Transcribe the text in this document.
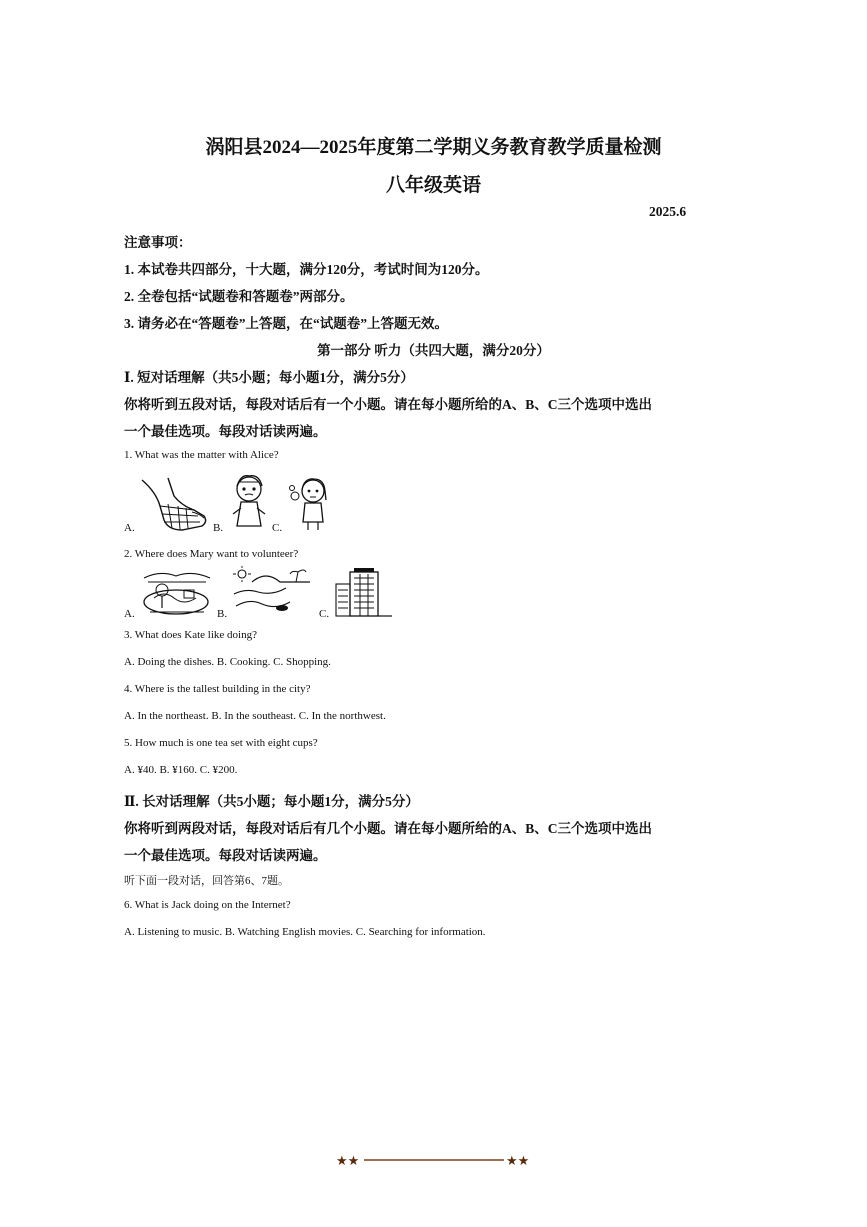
涡阳县2024—2025年度第二学期义务教育教学质量检测
八年级英语
2025.6
注意事项：
1. 本试卷共四部分，十大题，满分120分，考试时间为120分。
2. 全卷包括“试题卷和答题卷”两部分。
3. 请务必在“答题卷”上答题，在“试题卷”上答题无效。
第一部分 听力（共四大题，满分20分）
Ⅰ. 短对话理解（共5小题；每小题1分，满分5分）
你将听到五段对话，每段对话后有一个小题。请在每小题所给的A、B、C三个选项中选出
一个最佳选项。每段对话读两遍。
1. What was the matter with Alice?
A.	B.	C.
2. Where does Mary want to volunteer?
A.	B.	C.
3. What does Kate like doing?
A. Doing the dishes. B. Cooking. C. Shopping.
4. Where is the tallest building in the city?
A. In the northeast. B. In the southeast. C. In the northwest.
5. How much is one tea set with eight cups?
A. ¥40. B. ¥160. C. ¥200.
Ⅱ. 长对话理解（共5小题；每小题1分，满分5分）
你将听到两段对话，每段对话后有几个小题。请在每小题所给的A、B、C三个选项中选出
一个最佳选项。每段对话读两遍。
听下面一段对话，回答第6、7题。
6. What is Jack doing on the Internet?
A. Listening to music. B. Watching English movies. C. Searching for information.
★★	★★
